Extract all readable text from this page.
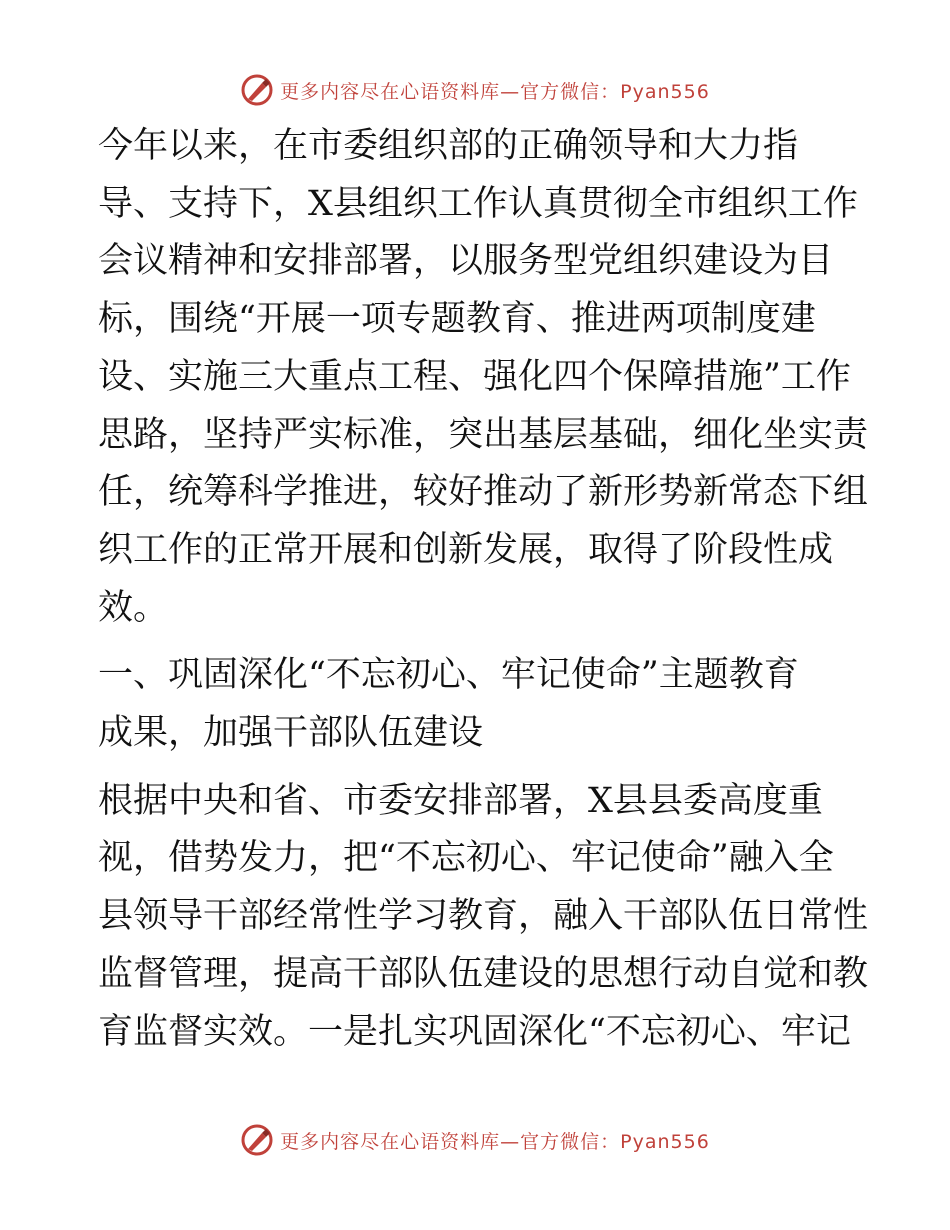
更多内容尽在心语资料库—官方微信：Pyan556

今年以来，在市委组织部的正确领导和大力指
导、支持下，X县组织工作认真贯彻全市组织工作
会议精神和安排部署，以服务型党组织建设为目
标，围绕“开展一项专题教育、推进两项制度建
设、实施三大重点工程、强化四个保障措施”工作
思路，坚持严实标准，突出基层基础，细化坐实责
任，统筹科学推进，较好推动了新形势新常态下组
织工作的正常开展和创新发展，取得了阶段性成
效。

一、巩固深化“不忘初心、牢记使命”主题教育
成果，加强干部队伍建设

根据中央和省、市委安排部署，X县县委高度重
视，借势发力，把“不忘初心、牢记使命”融入全
县领导干部经常性学习教育，融入干部队伍日常性
监督管理，提高干部队伍建设的思想行动自觉和教
育监督实效。一是扎实巩固深化“不忘初心、牢记

更多内容尽在心语资料库—官方微信：Pyan556
